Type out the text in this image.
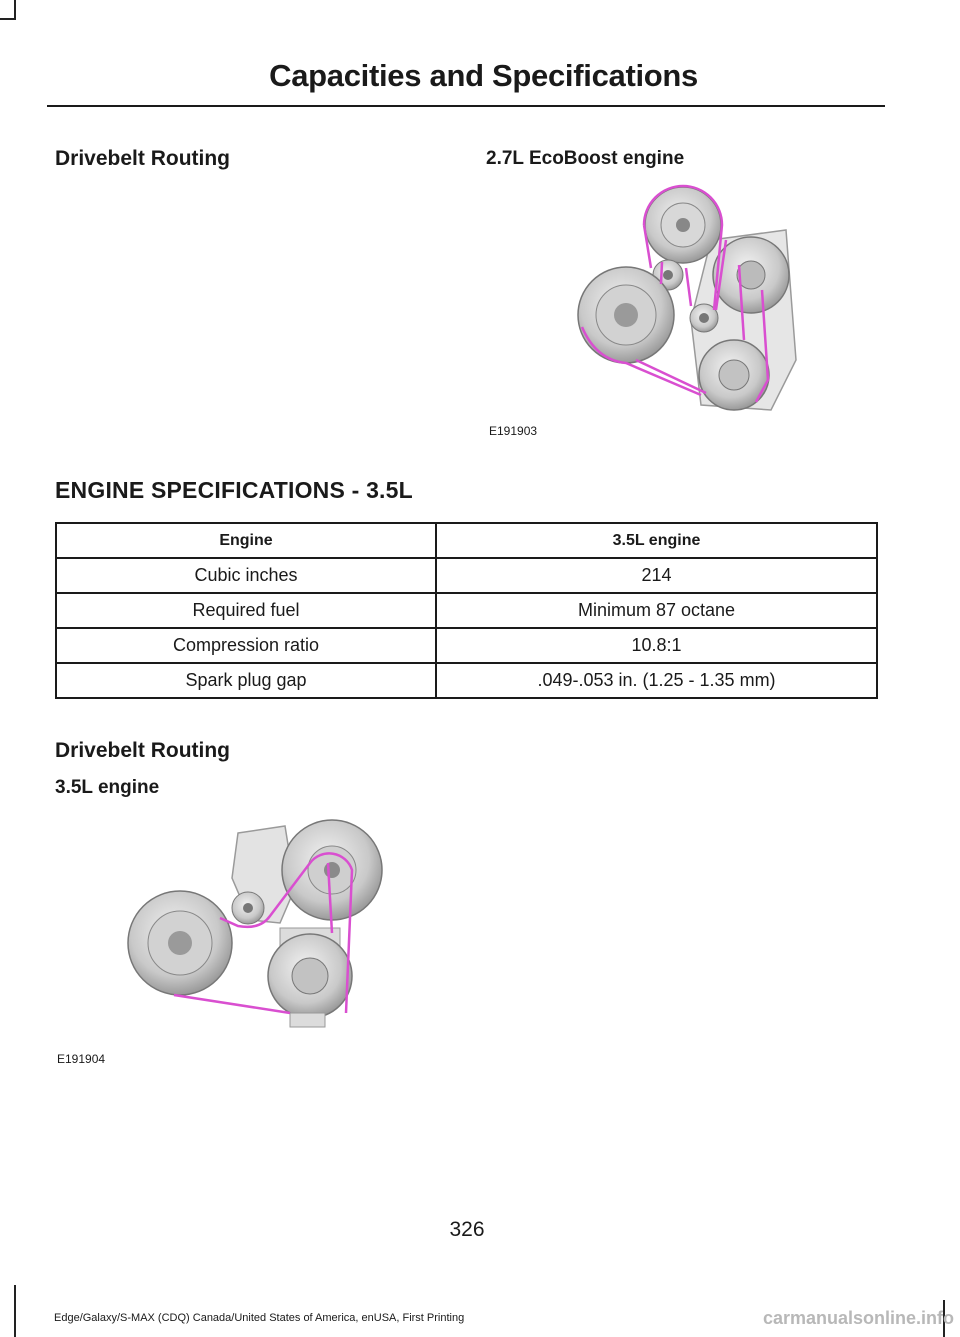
Capacities and Specifications
Drivebelt Routing	2.7L EcoBoost engine
E191903
ENGINE SPECIFICATIONS - 3.5L
Engine	3.5L engine
Cubic inches	214
Required fuel	Minimum 87 octane
Compression ratio	10.8:1
Spark plug gap	.049-.053 in. (1.25 - 1.35 mm)
Drivebelt Routing
3.5L engine
E191904
326
Edge/Galaxy/S-MAX (CDQ) Canada/United States of America, enUSA, First Printing	carmanualsonline.info
